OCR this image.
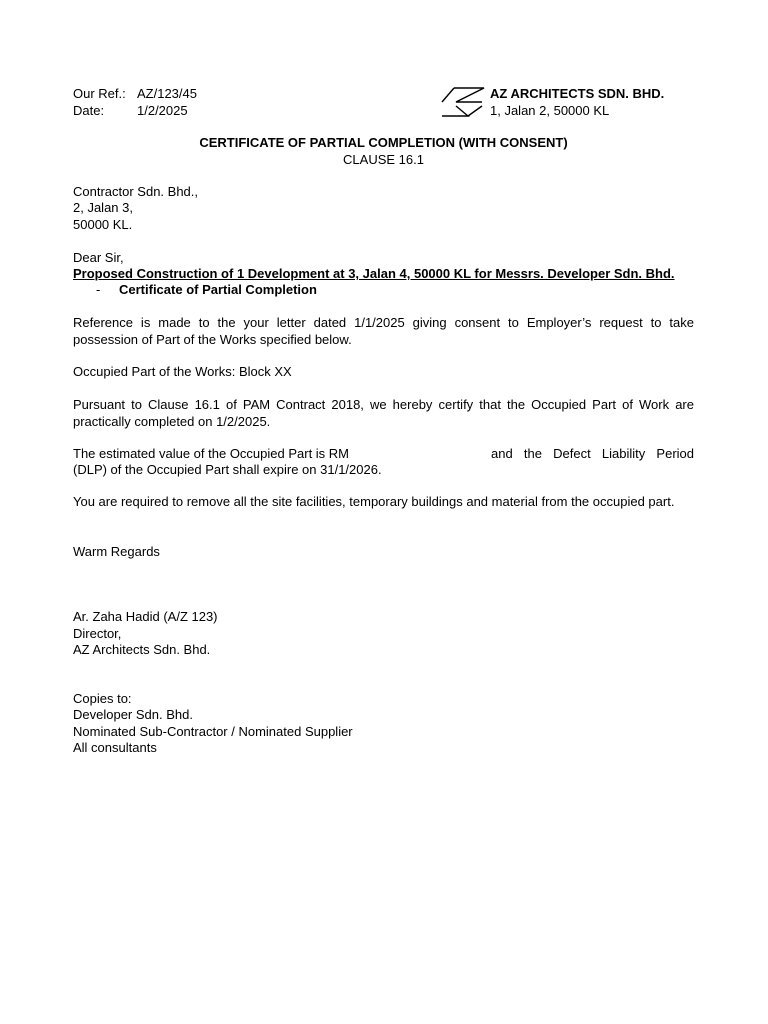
Our Ref.: AZ/123/45
Date:	1/2/2025
AZ ARCHITECTS SDN. BHD.
1, Jalan 2, 50000 KL
CERTIFICATE OF PARTIAL COMPLETION (WITH CONSENT)
CLAUSE 16.1
Contractor Sdn. Bhd.,
2, Jalan 3,
50000 KL.
Dear Sir,
Proposed Construction of 1 Development at 3, Jalan 4, 50000 KL for Messrs. Developer Sdn. Bhd.
- Certificate of Partial Completion
Reference is made to the your letter dated 1/1/2025 giving consent to Employer’s request to take possession of Part of the Works specified below.
Occupied Part of the Works: Block XX
Pursuant to Clause 16.1 of PAM Contract 2018, we hereby certify that the Occupied Part of Work are practically completed on 1/2/2025.
The estimated value of the Occupied Part is RM	and the Defect Liability Period
(DLP) of the Occupied Part shall expire on 31/1/2026.
You are required to remove all the site facilities, temporary buildings and material from the occupied part.
Warm Regards
Ar. Zaha Hadid (A/Z 123)
Director,
AZ Architects Sdn. Bhd.
Copies to:
Developer Sdn. Bhd.
Nominated Sub-Contractor / Nominated Supplier
All consultants
